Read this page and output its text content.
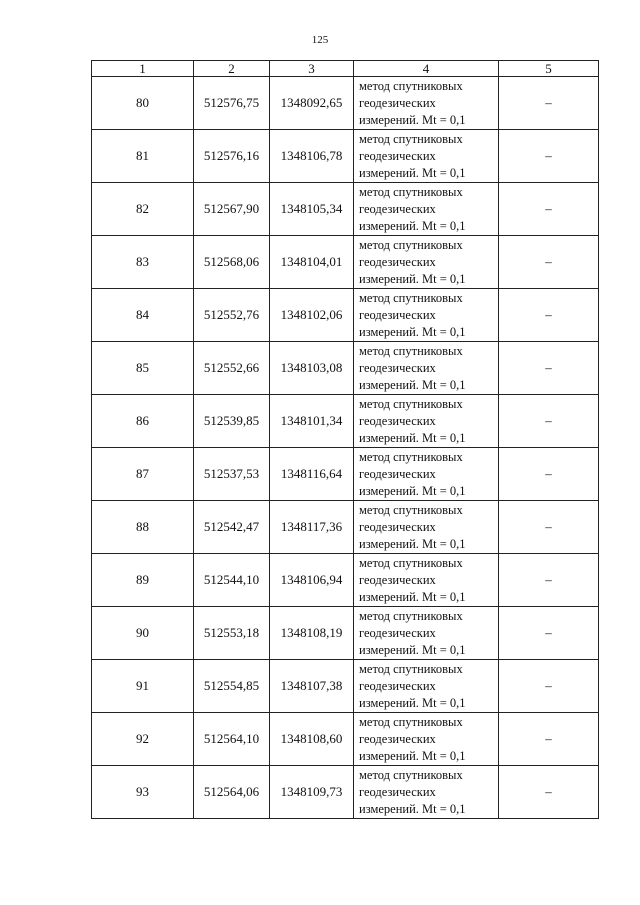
125
1	2	3	4	5
80	512576,75	1348092,65	метод спутниковых
геодезических
измерений. Mt = 0,1	–
81	512576,16	1348106,78	метод спутниковых
геодезических
измерений. Mt = 0,1	–
82	512567,90	1348105,34	метод спутниковых
геодезических
измерений. Mt = 0,1	–
83	512568,06	1348104,01	метод спутниковых
геодезических
измерений. Mt = 0,1	–
84	512552,76	1348102,06	метод спутниковых
геодезических
измерений. Mt = 0,1	–
85	512552,66	1348103,08	метод спутниковых
геодезических
измерений. Mt = 0,1	–
86	512539,85	1348101,34	метод спутниковых
геодезических
измерений. Mt = 0,1	–
87	512537,53	1348116,64	метод спутниковых
геодезических
измерений. Mt = 0,1	–
88	512542,47	1348117,36	метод спутниковых
геодезических
измерений. Mt = 0,1	–
89	512544,10	1348106,94	метод спутниковых
геодезических
измерений. Mt = 0,1	–
90	512553,18	1348108,19	метод спутниковых
геодезических
измерений. Mt = 0,1	–
91	512554,85	1348107,38	метод спутниковых
геодезических
измерений. Mt = 0,1	–
92	512564,10	1348108,60	метод спутниковых
геодезических
измерений. Mt = 0,1	–
93	512564,06	1348109,73	метод спутниковых
геодезических
измерений. Mt = 0,1	–
